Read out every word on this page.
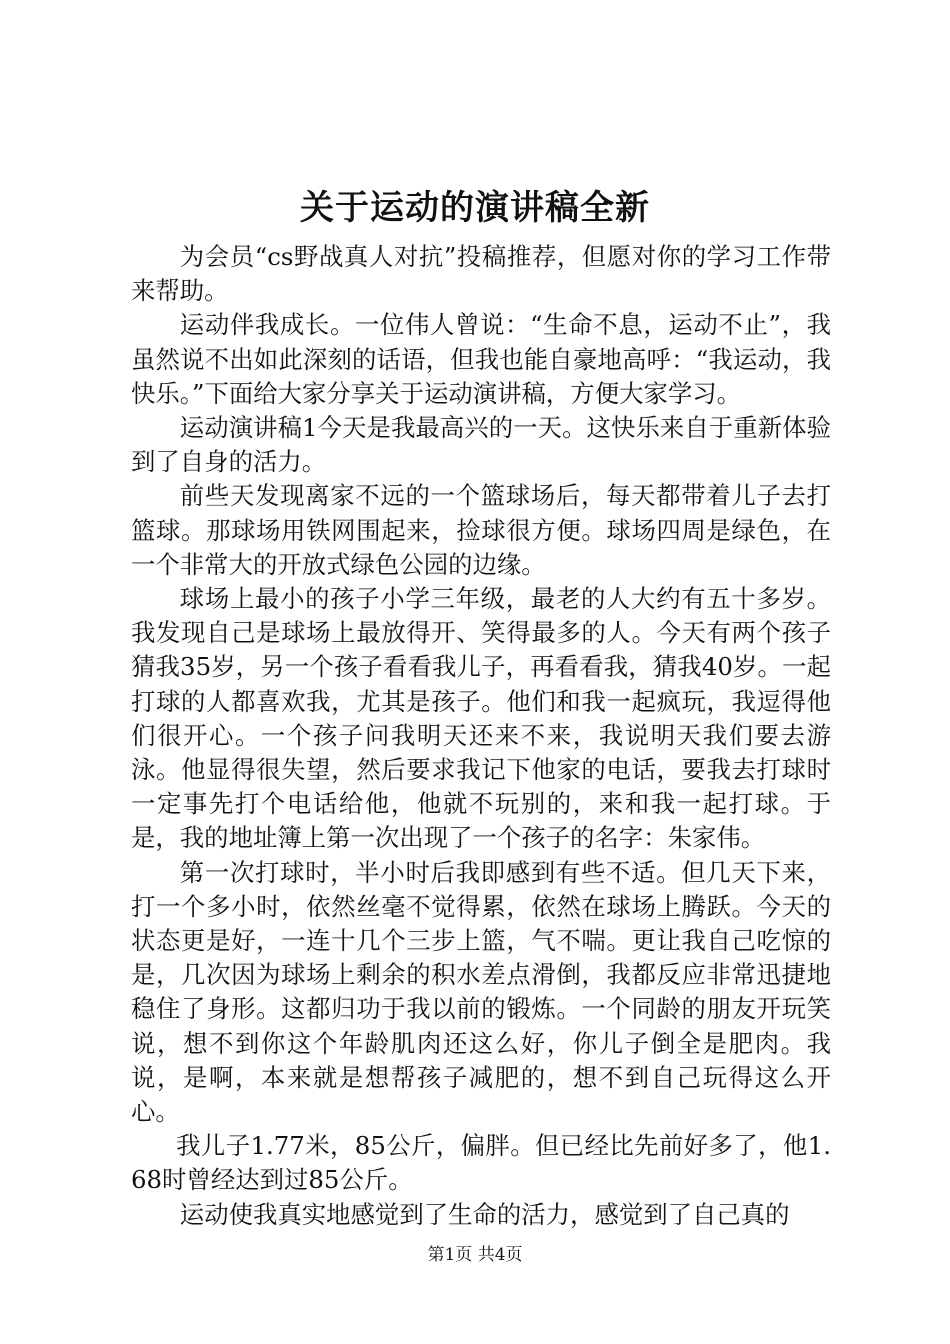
关于运动的演讲稿全新

为会员“cs野战真人对抗”投稿推荐，但愿对你的学习工作带来帮助。

运动伴我成长。一位伟人曾说：“生命不息，运动不止”，我虽然说不出如此深刻的话语，但我也能自豪地高呼：“我运动，我快乐。”下面给大家分享关于运动演讲稿，方便大家学习。

运动演讲稿1今天是我最高兴的一天。这快乐来自于重新体验到了自身的活力。

前些天发现离家不远的一个篮球场后，每天都带着儿子去打篮球。那球场用铁网围起来，捡球很方便。球场四周是绿色，在一个非常大的开放式绿色公园的边缘。

球场上最小的孩子小学三年级，最老的人大约有五十多岁。我发现自己是球场上最放得开、笑得最多的人。今天有两个孩子猜我35岁，另一个孩子看看我儿子，再看看我，猜我40岁。一起打球的人都喜欢我，尤其是孩子。他们和我一起疯玩，我逗得他们很开心。一个孩子问我明天还来不来，我说明天我们要去游泳。他显得很失望，然后要求我记下他家的电话，要我去打球时一定事先打个电话给他，他就不玩别的，来和我一起打球。于是，我的地址簿上第一次出现了一个孩子的名字：朱家伟。

第一次打球时，半小时后我即感到有些不适。但几天下来，打一个多小时，依然丝毫不觉得累，依然在球场上腾跃。今天的状态更是好，一连十几个三步上篮，气不喘。更让我自己吃惊的是，几次因为球场上剩余的积水差点滑倒，我都反应非常迅捷地稳住了身形。这都归功于我以前的锻炼。一个同龄的朋友开玩笑说，想不到你这个年龄肌肉还这么好，你儿子倒全是肥肉。我说，是啊，本来就是想帮孩子减肥的，想不到自己玩得这么开心。

我儿子1.77米，85公斤，偏胖。但已经比先前好多了，他1.68时曾经达到过85公斤。

运动使我真实地感觉到了生命的活力，感觉到了自己真的

第1页 共4页
